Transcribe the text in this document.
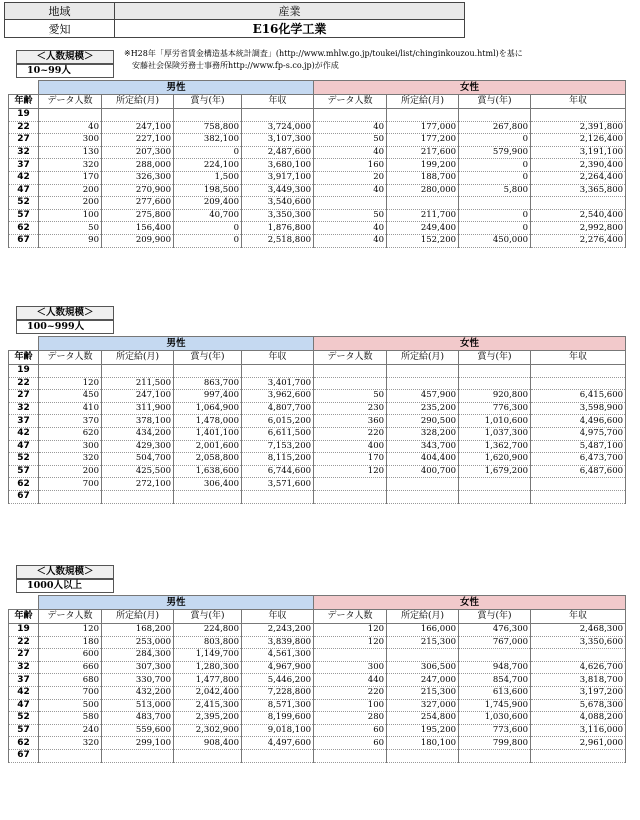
地域	産業
愛知	E16化学工業
※H28年「厚労省賃金構造基本統計調査」(http://www.mhlw.go.jp/toukei/list/chinginkouzou.html)を基に
安藤社会保険労務士事務所http://www.fp-s.co.jp)が作成
＜人数規模＞
10~99人
	男性				女性			
年齢	データ人数	所定給(月)	賞与(年)	年収	データ人数	所定給(月)	賞与(年)	年収
19								
22	40	247,100	758,800	3,724,000	40	177,000	267,800	2,391,800
27	300	227,100	382,100	3,107,300	50	177,200	0	2,126,400
32	130	207,300	0	2,487,600	40	217,600	579,900	3,191,100
37	320	288,000	224,100	3,680,100	160	199,200	0	2,390,400
42	170	326,300	1,500	3,917,100	20	188,700	0	2,264,400
47	200	270,900	198,500	3,449,300	40	280,000	5,800	3,365,800
52	200	277,600	209,400	3,540,600				
57	100	275,800	40,700	3,350,300	50	211,700	0	2,540,400
62	50	156,400	0	1,876,800	40	249,400	0	2,992,800
67	90	209,900	0	2,518,800	40	152,200	450,000	2,276,400
＜人数規模＞
100~999人
	男性				女性			
年齢	データ人数	所定給(月)	賞与(年)	年収	データ人数	所定給(月)	賞与(年)	年収
19								
22	120	211,500	863,700	3,401,700				
27	450	247,100	997,400	3,962,600	50	457,900	920,800	6,415,600
32	410	311,900	1,064,900	4,807,700	230	235,200	776,300	3,598,900
37	370	378,100	1,478,000	6,015,200	360	290,500	1,010,600	4,496,600
42	620	434,200	1,401,100	6,611,500	220	328,200	1,037,300	4,975,700
47	300	429,300	2,001,600	7,153,200	400	343,700	1,362,700	5,487,100
52	320	504,700	2,058,800	8,115,200	170	404,400	1,620,900	6,473,700
57	200	425,500	1,638,600	6,744,600	120	400,700	1,679,200	6,487,600
62	700	272,100	306,400	3,571,600				
67								
＜人数規模＞
1000人以上
	男性				女性			
年齢	データ人数	所定給(月)	賞与(年)	年収	データ人数	所定給(月)	賞与(年)	年収
19	120	168,200	224,800	2,243,200	120	166,000	476,300	2,468,300
22	180	253,000	803,800	3,839,800	120	215,300	767,000	3,350,600
27	600	284,300	1,149,700	4,561,300				
32	660	307,300	1,280,300	4,967,900	300	306,500	948,700	4,626,700
37	680	330,700	1,477,800	5,446,200	440	247,000	854,700	3,818,700
42	700	432,200	2,042,400	7,228,800	220	215,300	613,600	3,197,200
47	500	513,000	2,415,300	8,571,300	100	327,000	1,745,900	5,678,300
52	580	483,700	2,395,200	8,199,600	280	254,800	1,030,600	4,088,200
57	240	559,600	2,302,900	9,018,100	60	195,200	773,600	3,116,000
62	320	299,100	908,400	4,497,600	60	180,100	799,800	2,961,000
67								
